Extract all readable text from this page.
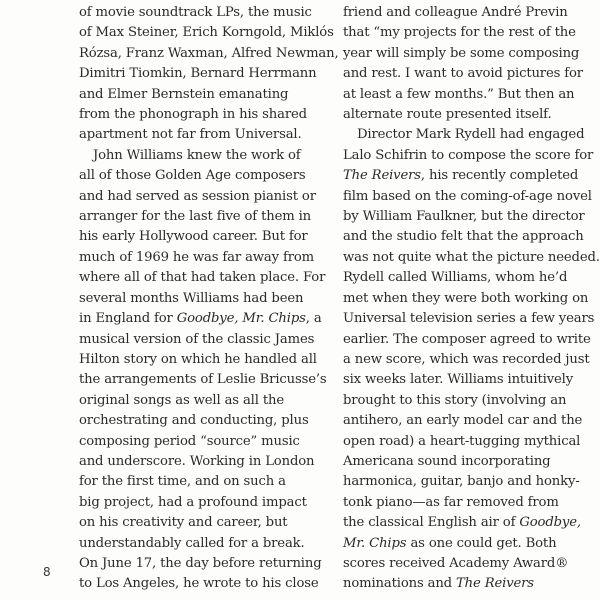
of movie soundtrack LPs, the music
of Max Steiner, Erich Korngold, Miklós
Rózsa, Franz Waxman, Alfred Newman,
Dimitri Tiomkin, Bernard Herrmann
and Elmer Bernstein emanating
from the phonograph in his shared
apartment not far from Universal.
John Williams knew the work of
all of those Golden Age composers
and had served as session pianist or
arranger for the last five of them in
his early Hollywood career. But for
much of 1969 he was far away from
where all of that had taken place. For
several months Williams had been
in England for Goodbye, Mr. Chips, a
musical version of the classic James
Hilton story on which he handled all
the arrangements of Leslie Bricusse’s
original songs as well as all the
orchestrating and conducting, plus
composing period “source” music
and underscore. Working in London
for the first time, and on such a
big project, had a profound impact
on his creativity and career, but
understandably called for a break.
On June 17, the day before returning
to Los Angeles, he wrote to his close
friend and colleague André Previn
that “my projects for the rest of the
year will simply be some composing
and rest. I want to avoid pictures for
at least a few months.” But then an
alternate route presented itself.
Director Mark Rydell had engaged
Lalo Schifrin to compose the score for
The Reivers, his recently completed
film based on the coming-of-age novel
by William Faulkner, but the director
and the studio felt that the approach
was not quite what the picture needed.
Rydell called Williams, whom he’d
met when they were both working on
Universal television series a few years
earlier. The composer agreed to write
a new score, which was recorded just
six weeks later. Williams intuitively
brought to this story (involving an
antihero, an early model car and the
open road) a heart-tugging mythical
Americana sound incorporating
harmonica, guitar, banjo and honky-
tonk piano—as far removed from
the classical English air of Goodbye,
Mr. Chips as one could get. Both
scores received Academy Award®
nominations and The Reivers
8
